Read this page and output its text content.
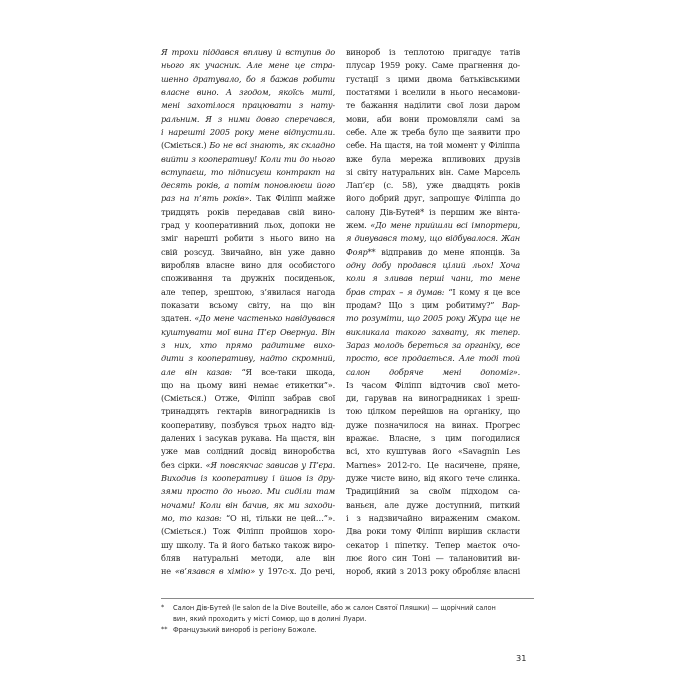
Я трохи піддався впливу й вступив до
нього як учасник. Але мене це стра-
шенно дратувало, бо я бажав робити
власне вино. А згодом, якоїсь миті,
мені захотілося працювати з нату-
ральним. Я з ними довго сперечався,
і нарешті 2005 року мене відпустили.
(Сміється.) Бо не всі знають, як складно
вийти з кооперативу! Коли ти до нього
вступаєш, то підписуєш контракт на
десять років, а потім поновлюєш його
раз на п’ять років». Так Філіпп майже
тридцять років передавав свій вино-
град у кооперативний льох, допоки не
зміг нарешті робити з нього вино на
свій розсуд. Звичайно, він уже давно
виробляв власне вино для особистого
споживання та дружніх посиденьок,
але тепер, зрештою, з’явилася нагода
показати всьому світу, на що він
здатен. «До мене частенько навідувався
куштувати мої вина П’єр Овернуа. Він
з них, хто прямо радитиме вихо-
дити з кооперативу, надто скромний,
але він казав: “Я все-таки шкода,
що на цьому вині немає етикетки”».
(Сміється.) Отже, Філіпп забрав свої
тринадцять гектарів виноградників із
кооперативу, позбувся трьох надто від-
далених і засукав рукава. На щастя, він
уже мав солідний досвід виноробства
без сірки. «Я повсякчас зависав у П’єра.
Виходив із кооперативу і йшов із дру-
зями просто до нього. Ми сиділи там
ночами! Коли він бачив, як ми заходи-
мо, то казав: “О ні, тільки не цей…”».
(Сміється.) Тож Філіпп пройшов хоро-
шу школу. Та й його батько також виро-
бляв натуральні методи, але він
не «в’язався в хімію» у 197с-х. До речі,
винороб із теплотою пригадує татів
плусар 1959 року. Саме прагнення до-
густації з цими двома батьківськими
постатями і вселили в нього несамови-
те бажання наділити свої лози даром
мови, аби вони промовляли самі за
себе. Але ж треба було ще заявити про
себе. На щастя, на той момент у Філіппа
вже була мережа впливових друзів
зі світу натуральних він. Саме Марсель
Лап’єр (с. 58), уже двадцять років
його добрий друг, запрошує Філіппа до
салону Дів-Бутей* із першим же вінта-
жем. «До мене прийшли всі імпортери,
я дивувався тому, що відбувалося. Жан
Фояр** відправив до мене японців. За
одну добу продався цілий льох! Хоча
коли я зливав перші чани, то мене
брав страх – я думав: “І кому я це все
продам? Що з цим робитиму?” Вар-
то розуміти, що 2005 року Жура ще не
викликала такого захвату, як тепер.
Зараз молодь береться за органіку, все
просто, все продається. Але тоді той
салон добряче мені допоміг».
Із часом Філіпп відточив свої мето-
ди, гарував на виноградниках і зреш-
тою цілком перейшов на органіку, що
дуже позначилося на винах. Прогрес
вражає. Власне, з цим погодилися
всі, хто куштував його «Savagnin Les
Marnes» 2012-го. Це насичене, пряне,
дуже чисте вино, від якого тече слинка.
Традиційний за своїм підходом са-
ваньєн, але дуже доступний, питкий
і з надзвичайно вираженим смаком.
Два роки тому Філіпп вирішив скласти
секатор і піпетку. Тепер маєток очо-
лює його син Тоні — талановитий ви-
нороб, який з 2013 року обробляє власні
* Салон Дів-Бутей (le salon de la Dive Bouteille, або ж салон Святої Пляшки) — щорічний салон
вин, який проходить у місті Сомюр, що в долині Луари.
** Французький винороб із регіону Божоле.
31
